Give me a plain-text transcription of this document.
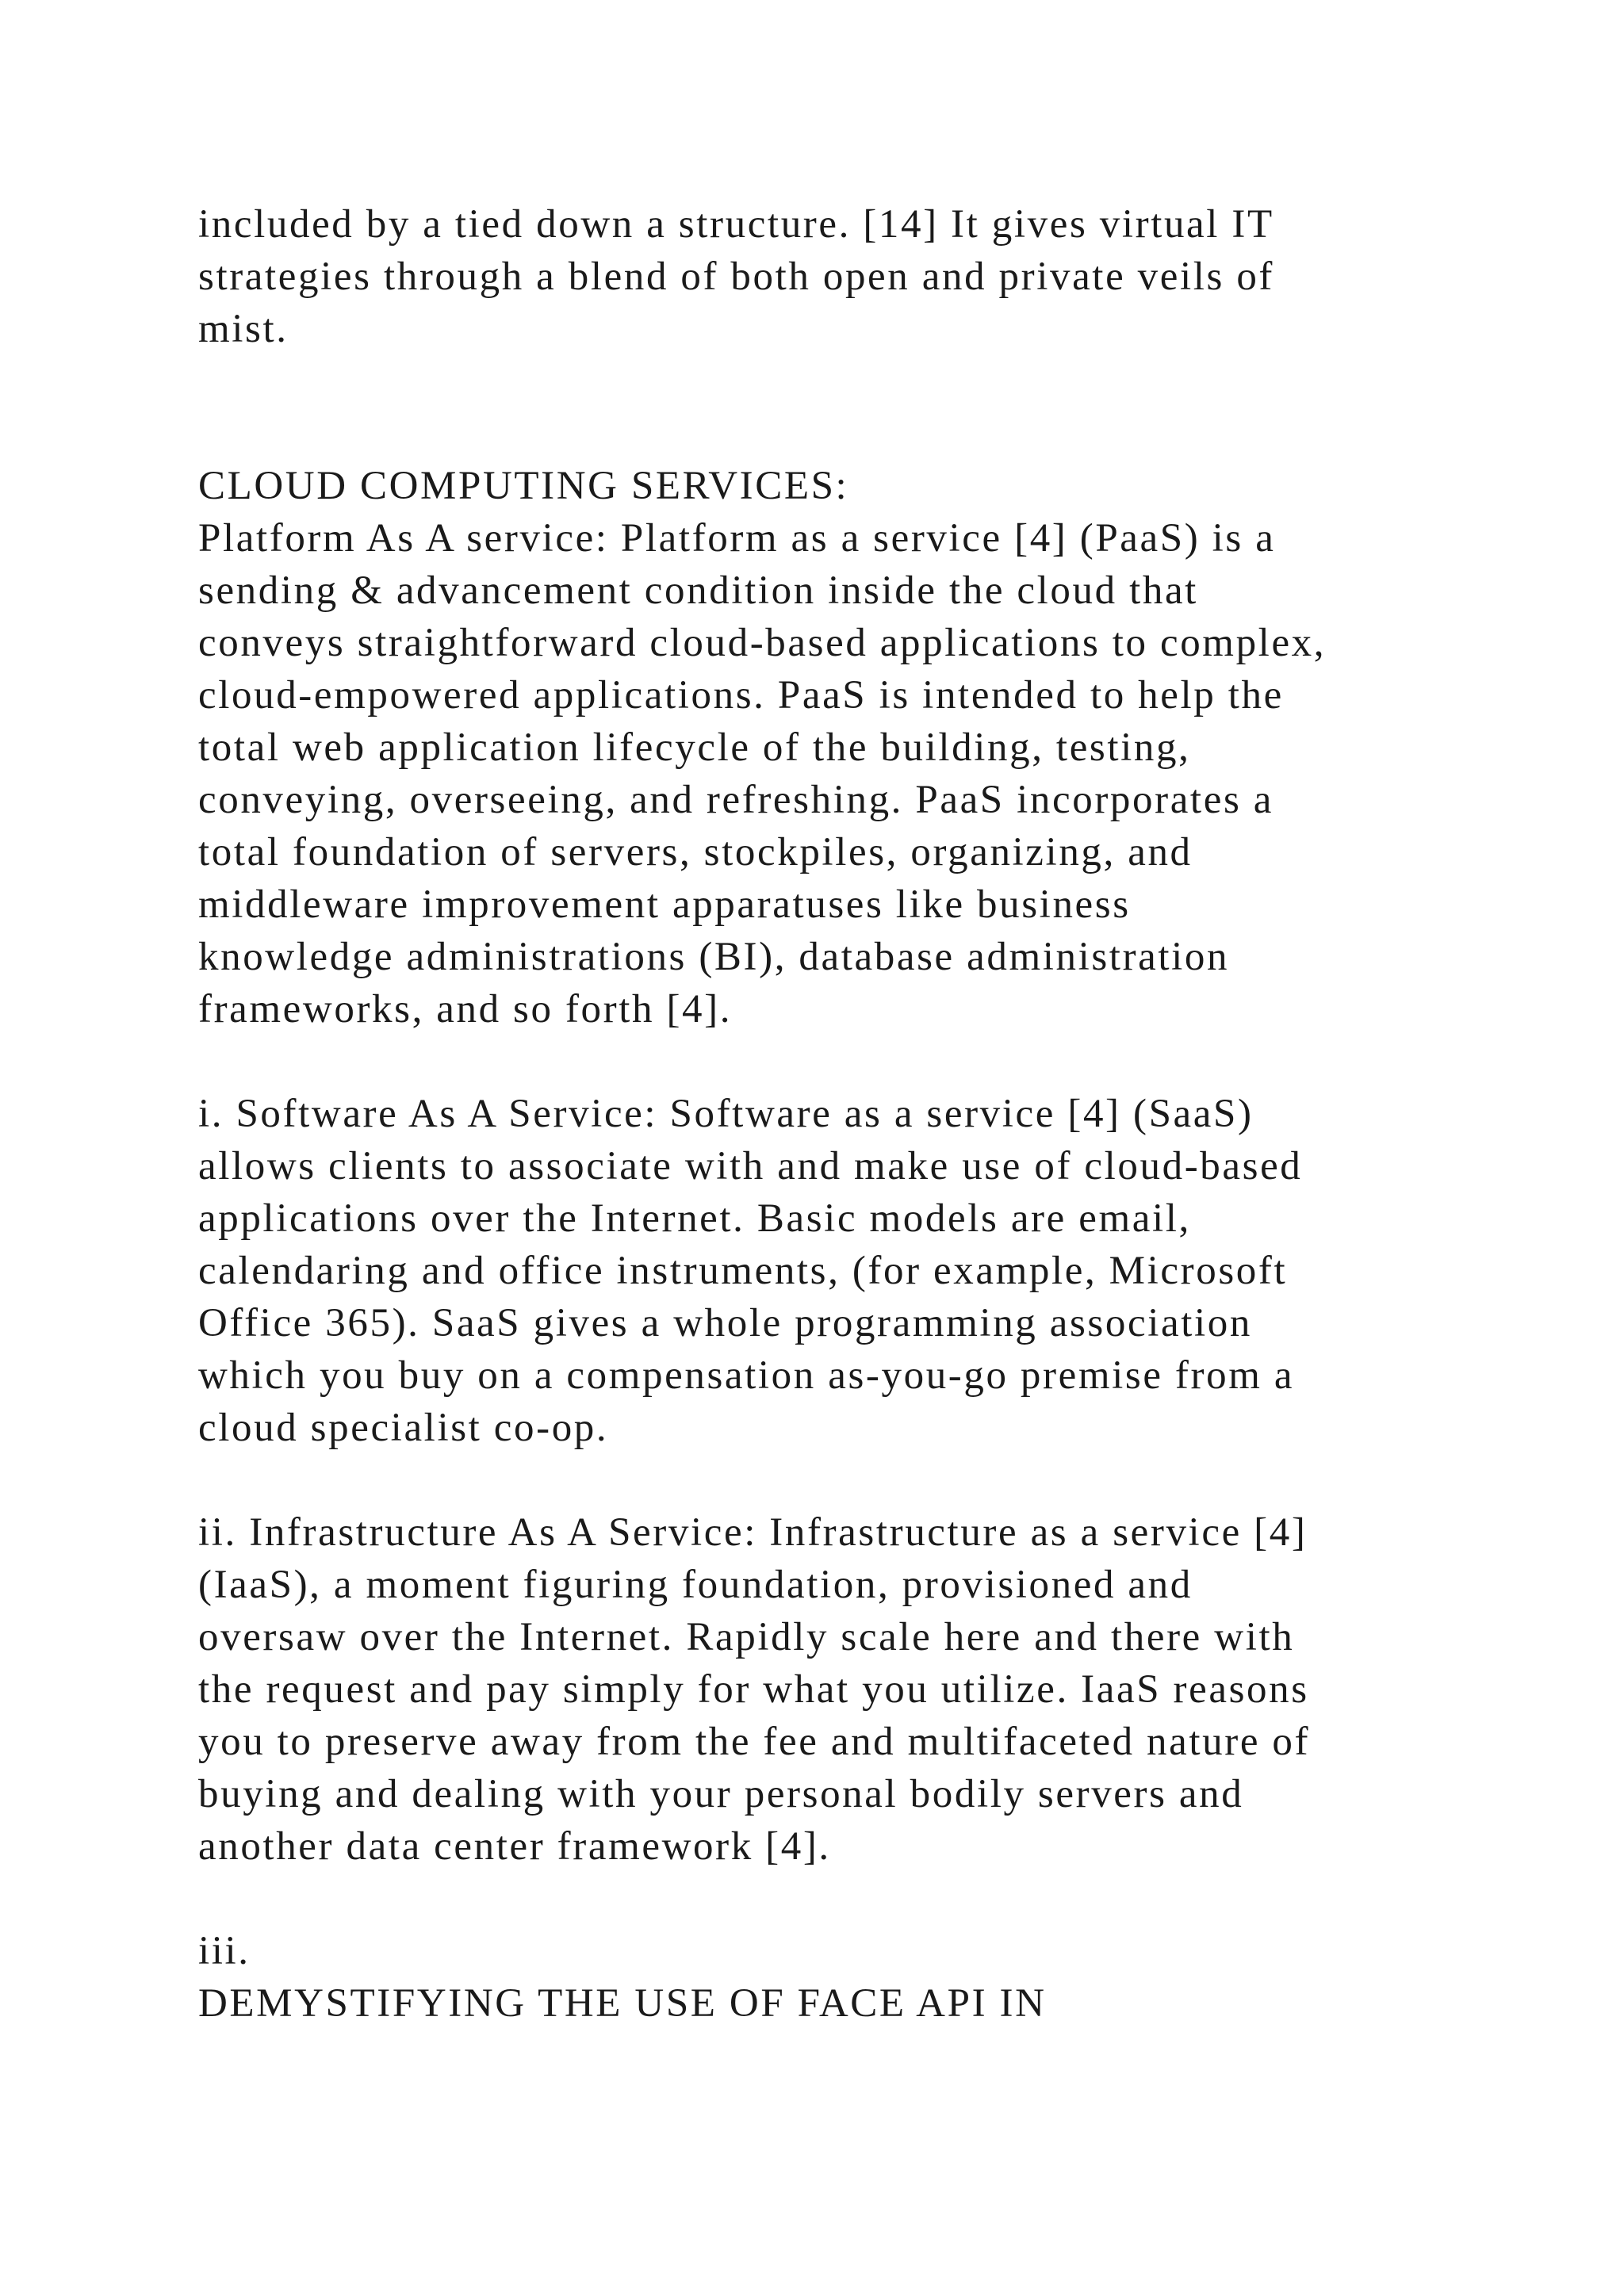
included by a tied down a structure. [14] It gives virtual IT
strategies through a blend of both open and private veils of
mist.
CLOUD COMPUTING SERVICES:
Platform As A service: Platform as a service [4] (PaaS) is a
sending & advancement condition inside the cloud that
conveys straightforward cloud-based applications to complex,
cloud-empowered applications. PaaS is intended to help the
total web application lifecycle of the building, testing,
conveying, overseeing, and refreshing. PaaS incorporates a
total foundation of servers, stockpiles, organizing, and
middleware improvement apparatuses like business
knowledge administrations (BI), database administration
frameworks, and so forth [4].
i. Software As A Service: Software as a service [4] (SaaS)
allows clients to associate with and make use of cloud-based
applications over the Internet. Basic models are email,
calendaring and office instruments, (for example, Microsoft
Office 365). SaaS gives a whole programming association
which you buy on a compensation as-you-go premise from a
cloud specialist co-op.
ii. Infrastructure As A Service: Infrastructure as a service [4]
(IaaS), a moment figuring foundation, provisioned and
oversaw over the Internet. Rapidly scale here and there with
the request and pay simply for what you utilize. IaaS reasons
you to preserve away from the fee and multifaceted nature of
buying and dealing with your personal bodily servers and
another data center framework [4].
iii.
DEMYSTIFYING THE USE OF FACE API IN
